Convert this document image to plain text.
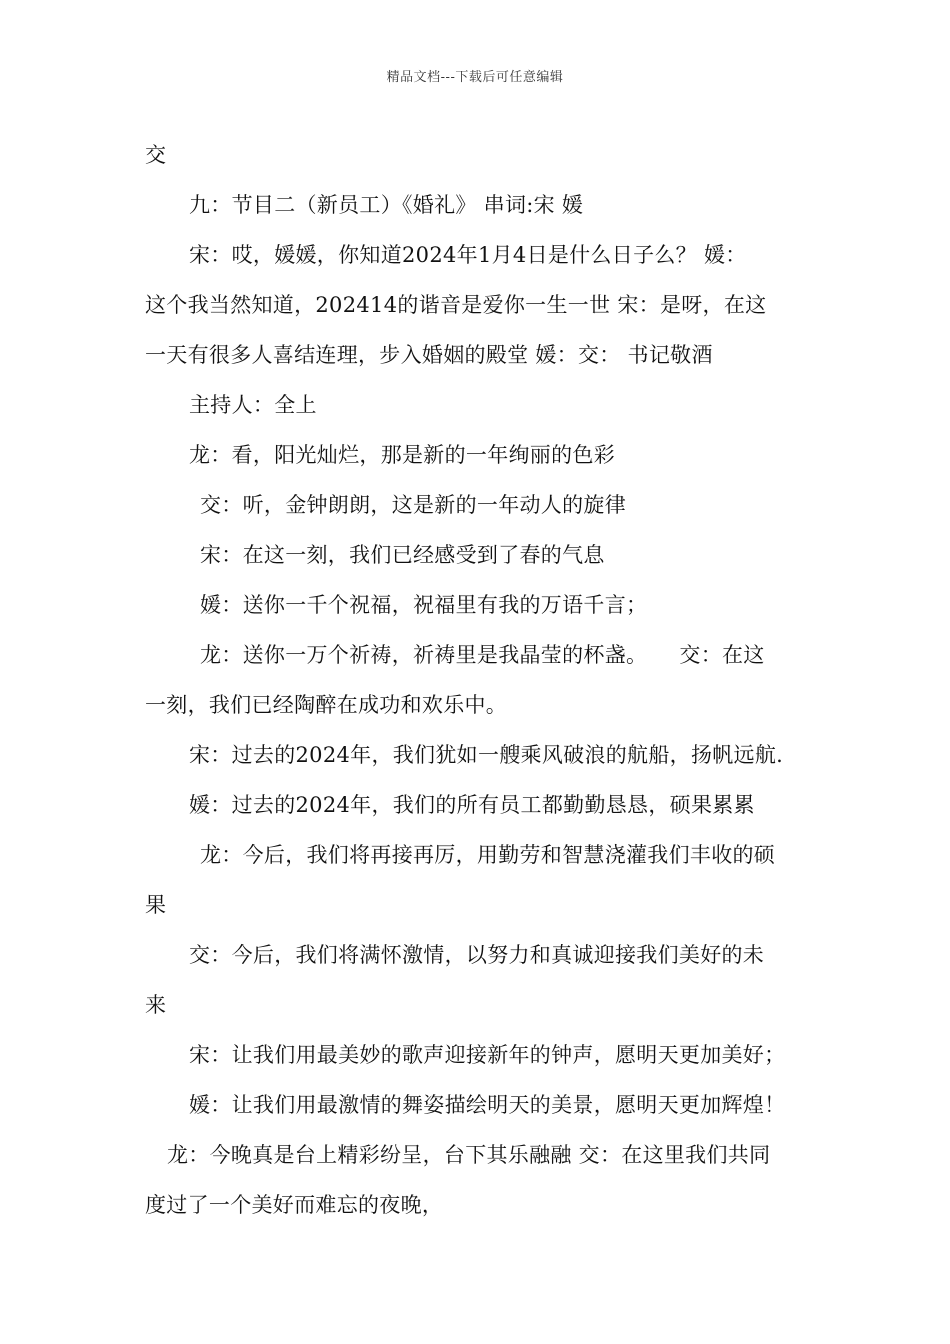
精品文档---下载后可任意编辑
交
九：节目二（新员工）《婚礼》 串词:宋 媛
宋：哎，媛媛，你知道2024年1月4日是什么日子么？ 媛：
这个我当然知道，202414的谐音是爱你一生一世 宋：是呀，在这
一天有很多人喜结连理，步入婚姻的殿堂 媛：交： 书记敬酒
主持人：全上
龙：看，阳光灿烂，那是新的一年绚丽的色彩
交：听，金钟朗朗，这是新的一年动人的旋律
宋：在这一刻，我们已经感受到了春的气息
媛：送你一千个祝福，祝福里有我的万语千言；
龙：送你一万个祈祷，祈祷里是我晶莹的杯盏。　　交：在这
一刻，我们已经陶醉在成功和欢乐中。
宋：过去的2024年，我们犹如一艘乘风破浪的航船，扬帆远航.
媛：过去的2024年，我们的所有员工都勤勤恳恳，硕果累累
龙：今后，我们将再接再厉，用勤劳和智慧浇灌我们丰收的硕
果
交：今后，我们将满怀激情，以努力和真诚迎接我们美好的未
来
宋：让我们用最美妙的歌声迎接新年的钟声，愿明天更加美好；
媛：让我们用最激情的舞姿描绘明天的美景，愿明天更加辉煌！
龙：今晚真是台上精彩纷呈，台下其乐融融 交：在这里我们共同
度过了一个美好而难忘的夜晚，
